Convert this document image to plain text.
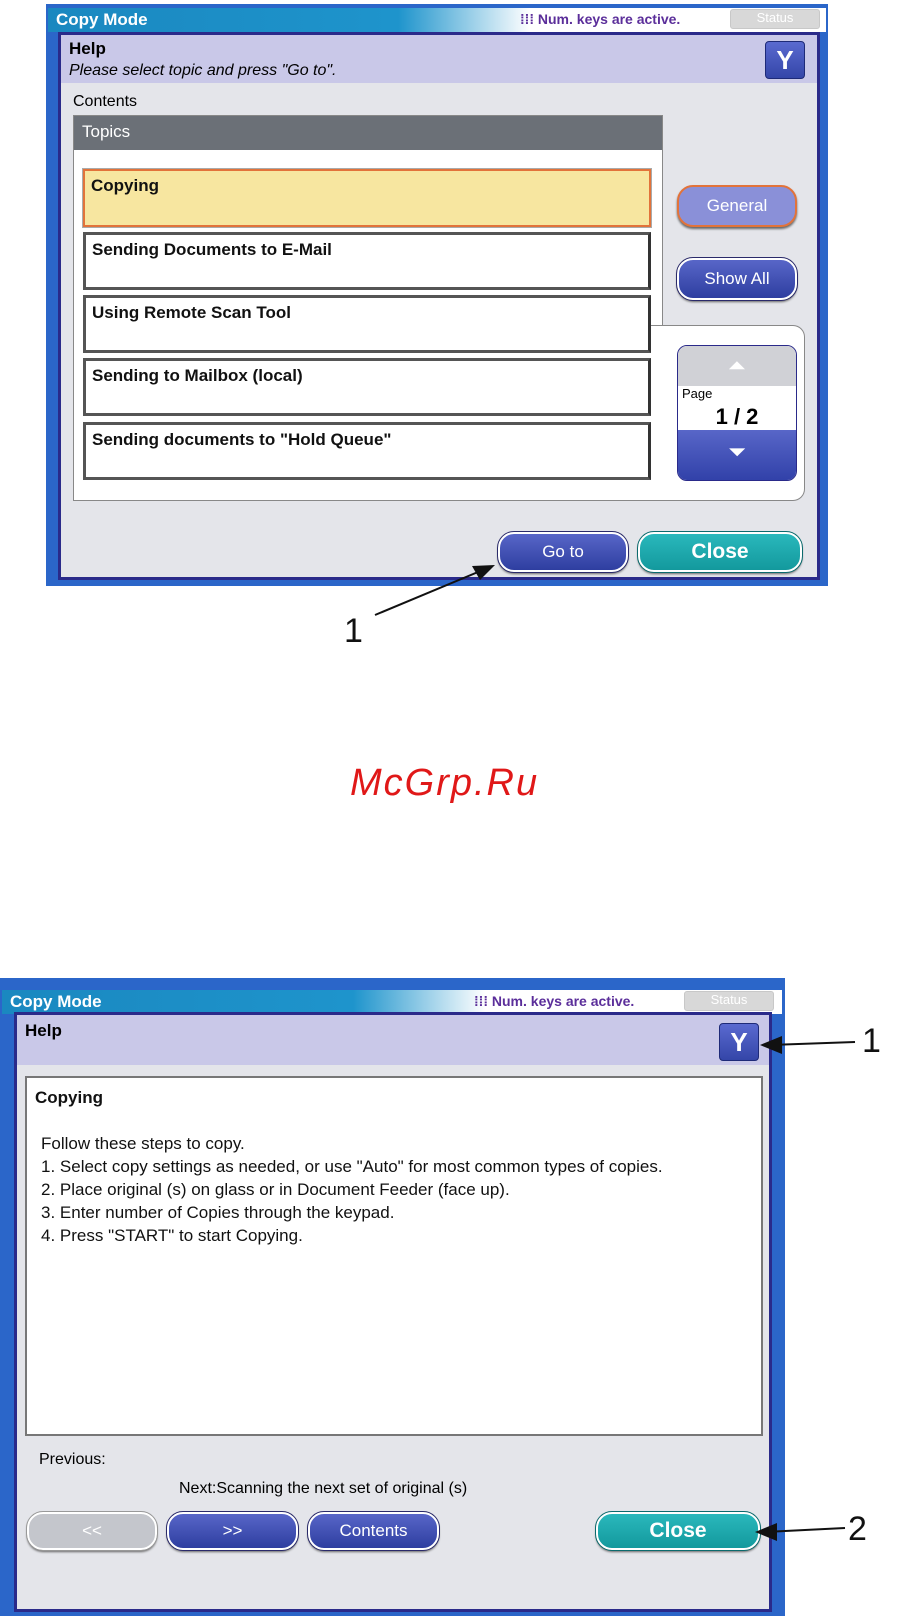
Copy Mode	⁞⁞⁞ Num. keys are active.	Status
Help
Please select topic and press "Go to".	Y
Contents
Topics
Copying
Sending Documents to E-Mail
Using Remote Scan Tool
Sending to Mailbox (local)
Sending documents to "Hold Queue"
General
Show All
⏶
Page
1 / 2
⏷
Go to	Close
1
McGrp.Ru
Copy Mode	⁞⁞⁞ Num. keys are active.	Status
Help	Y
Copying
Follow these steps to copy.
1. Select copy settings as needed, or use "Auto" for most common types of copies.
2. Place original (s) on glass or in Document Feeder (face up).
3. Enter number of Copies through the keypad.
4. Press "START" to start Copying.
Previous:
Next:Scanning the next set of original (s)
<<	>>	Contents	Close
1
2
